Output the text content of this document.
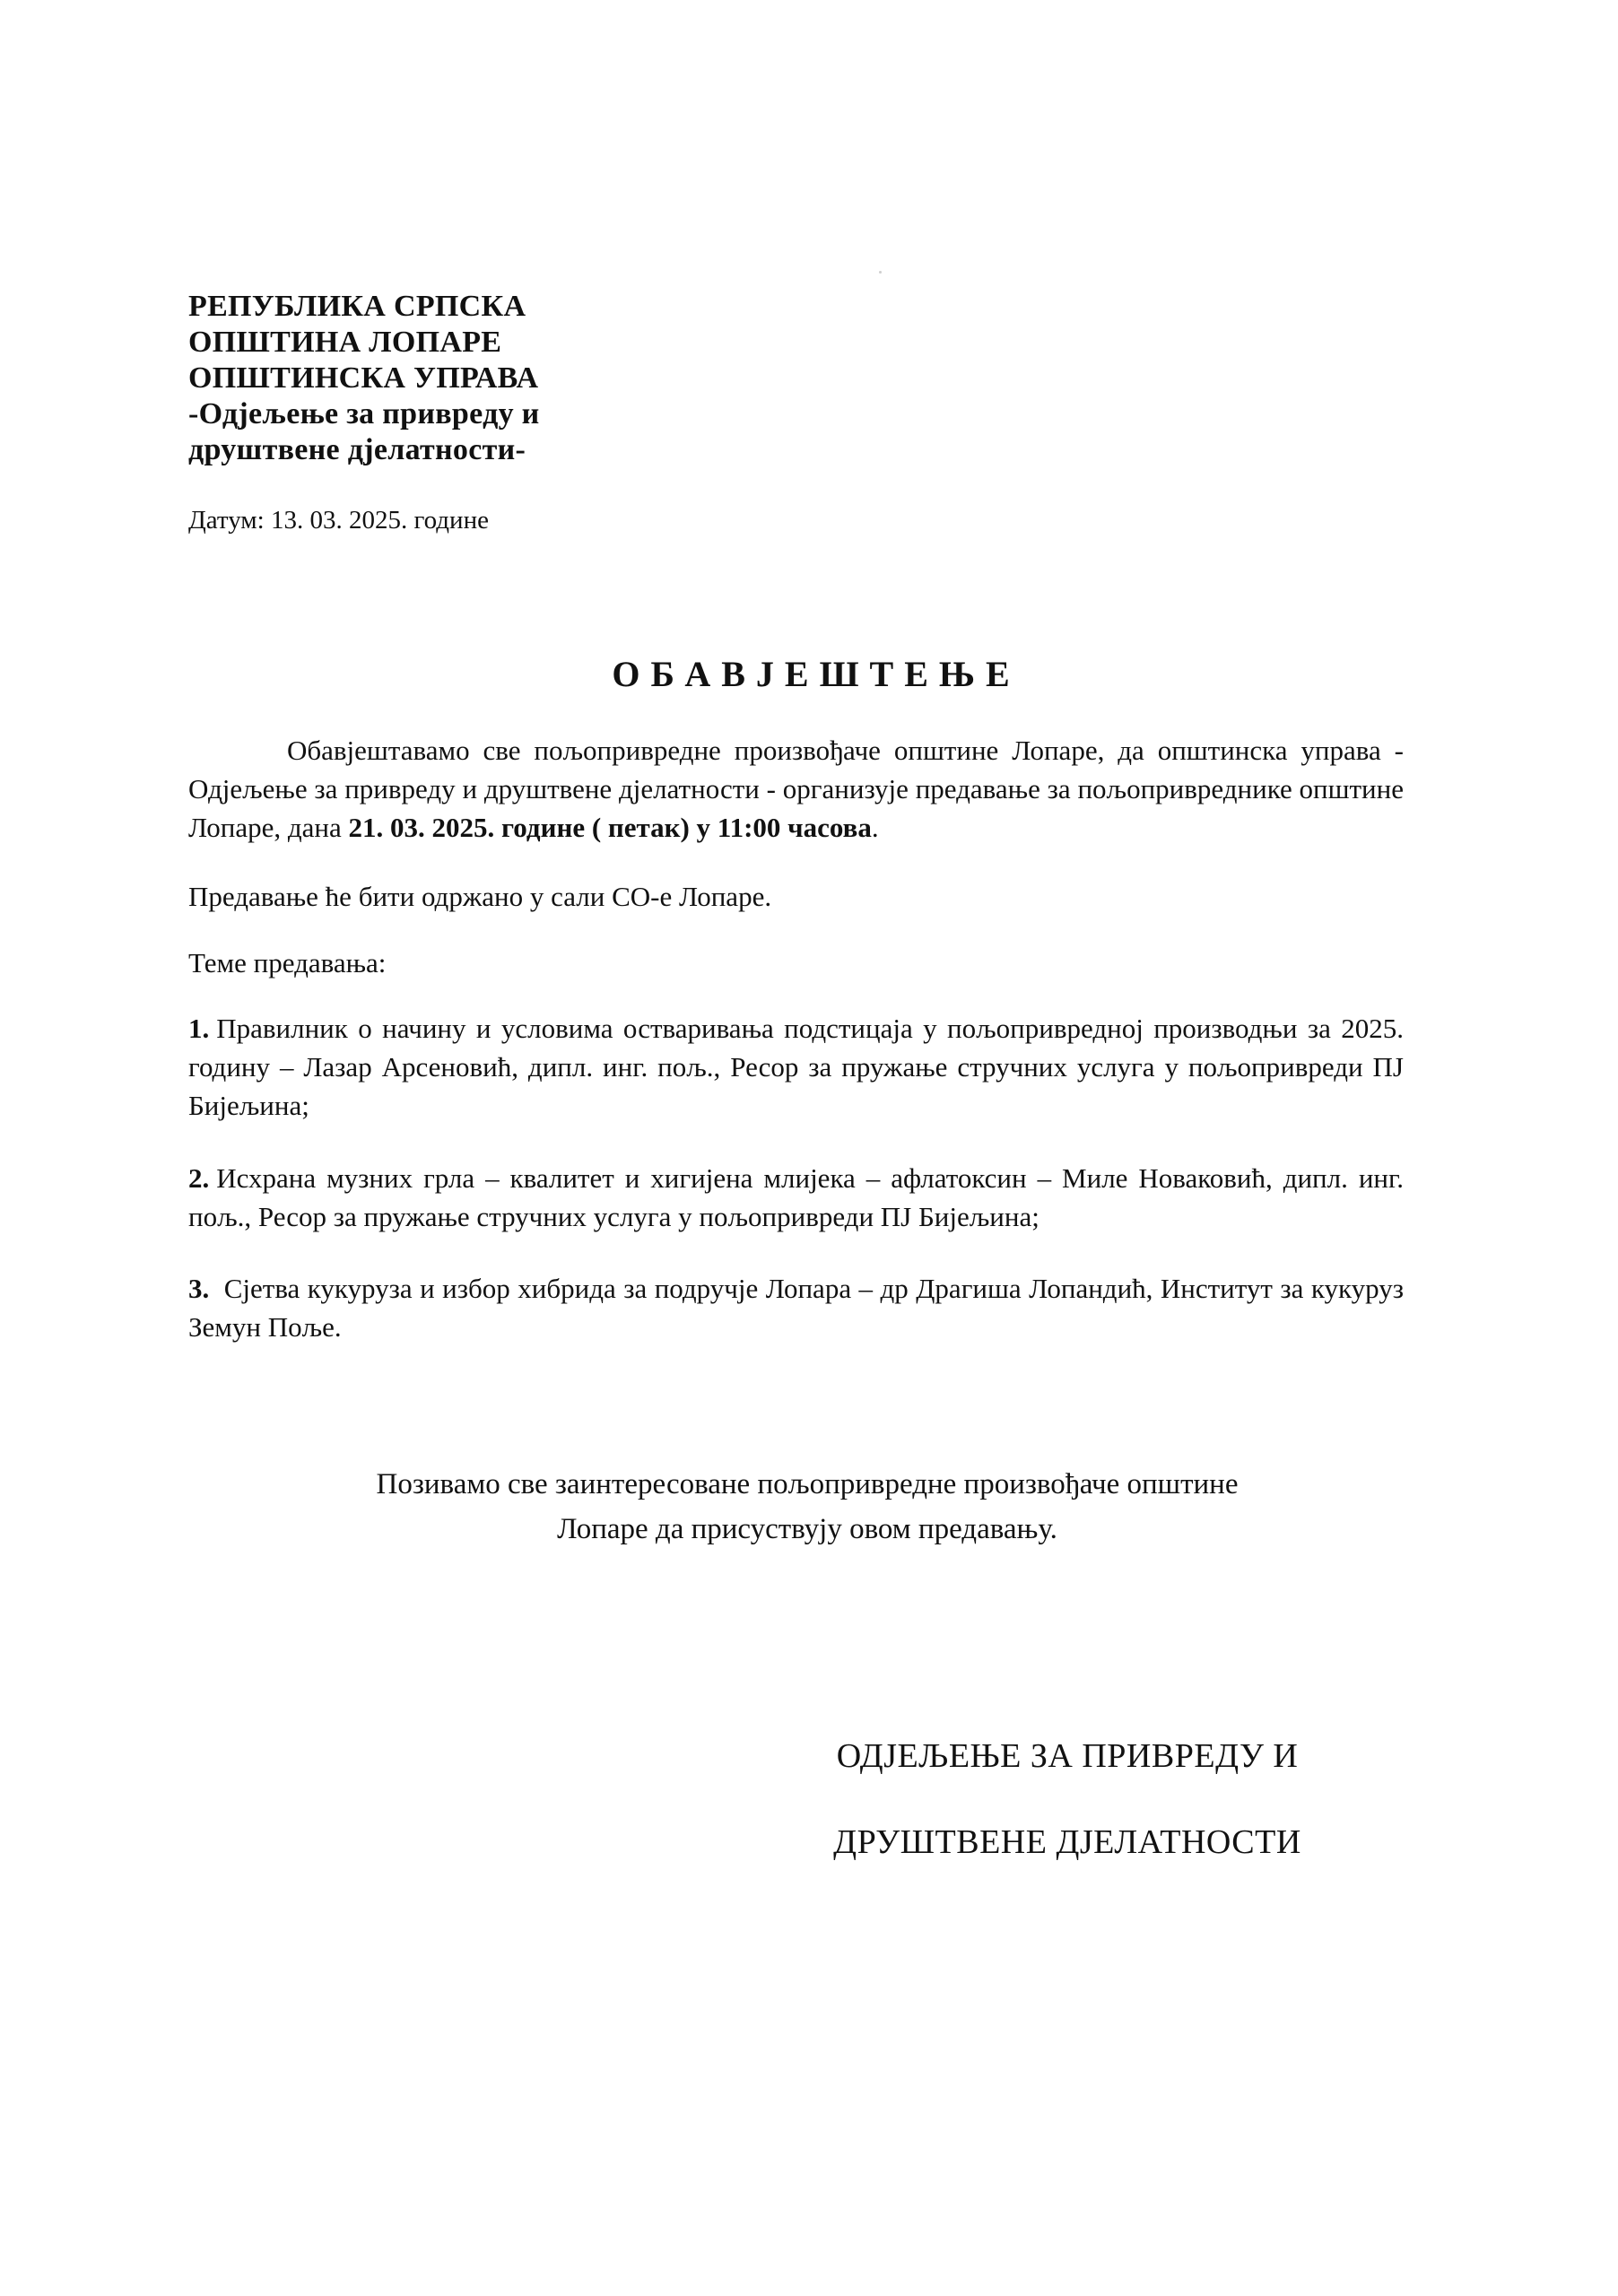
РЕПУБЛИКА СРПСКА
ОПШТИНА ЛОПАРЕ
ОПШТИНСКА УПРАВА
-Одјељење за привреду и
друштвене дјелатности-
Датум: 13. 03. 2025. године
ОБАВЈЕШТЕЊЕ

Обавјештавамо све пољопривредне произвођаче општине Лопаре, да општинска управа - Одјељење за привреду и друштвене дјелатности - организује предавање за пољопривреднике општине Лопаре, дана 21. 03. 2025. године ( петак) у 11:00 часова.

Предавање ће бити одржано у сали СО-е Лопаре.

Теме предавања:

1. Правилник о начину и условима остваривања подстицаја у пољопривредној производњи за 2025. годину – Лазар Арсеновић, дипл. инг. пољ., Ресор за пружање стручних услуга у пољопривреди ПЈ Бијељина;

2. Исхрана музних грла – квалитет и хигијена млијека – афлатоксин – Миле Новаковић, дипл. инг. пољ., Ресор за пружање стручних услуга у пољопривреди ПЈ Бијељина;

3. Сјетва кукуруза и избор хибрида за подручје Лопара – др Драгиша Лопандић, Институт за кукуруз Земун Поље.

Позивамо све заинтересоване пољопривредне произвођаче општине
Лопаре да присуствују овом предавању.
ОДЈЕЉЕЊЕ ЗА ПРИВРЕДУ И
ДРУШТВЕНЕ ДЈЕЛАТНОСТИ
